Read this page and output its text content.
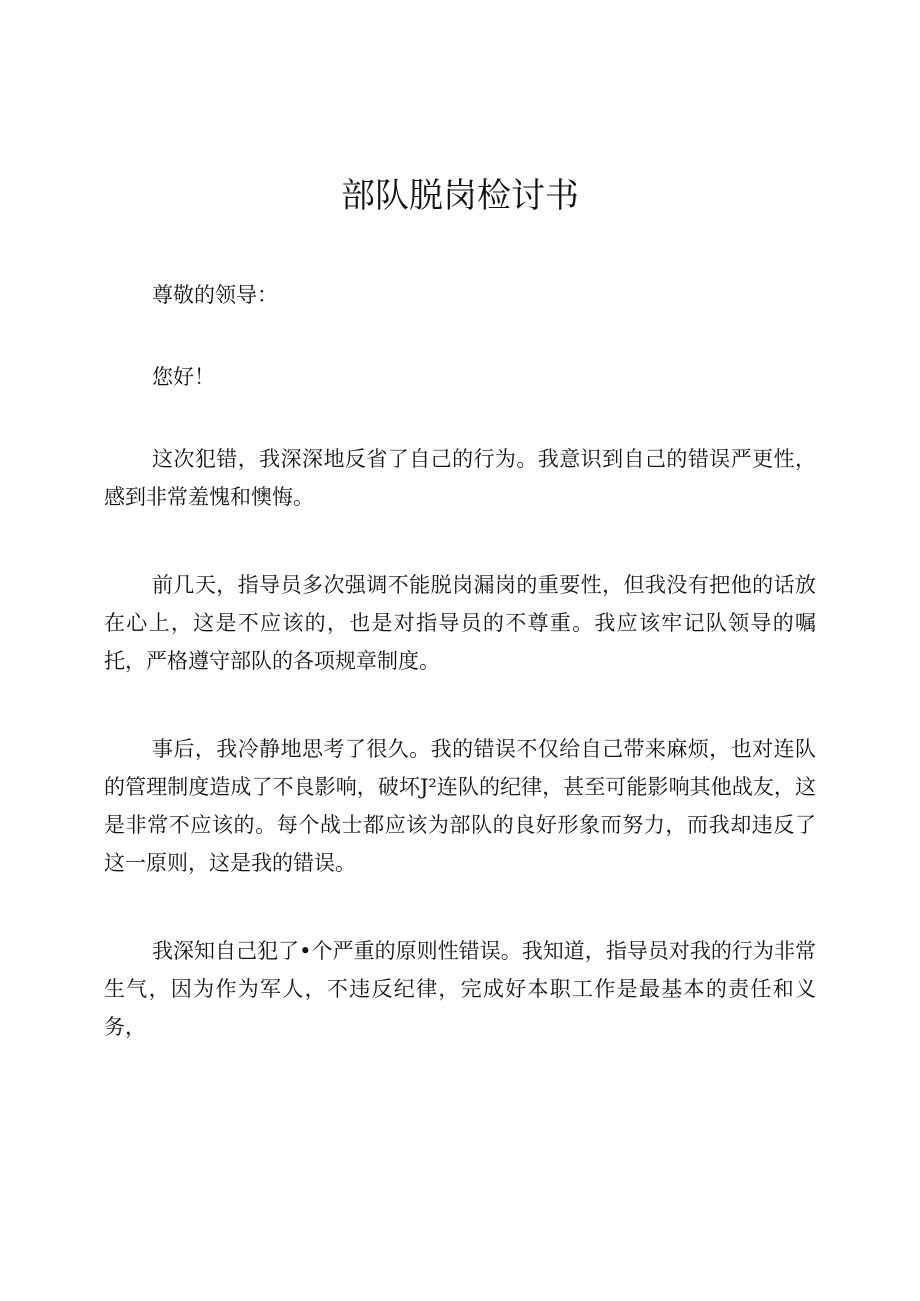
部队脱岗检讨书

尊敬的领导：

您好！

这次犯错，我深深地反省了自己的行为。我意识到自己的错误严更性，感到非常羞愧和懊悔。

前几天，指导员多次强调不能脱岗漏岗的重要性，但我没有把他的话放在心上，这是不应该的，也是对指导员的不尊重。我应该牢记队领导的嘱托，严格遵守部队的各项规章制度。

事后，我冷静地思考了很久。我的错误不仅给自己带来麻烦，也对连队的管理制度造成了不良影响，破坏J²连队的纪律，甚至可能影响其他战友，这是非常不应该的。每个战士都应该为部队的良好形象而努力，而我却违反了这一原则，这是我的错误。

我深知自己犯了•个严重的原则性错误。我知道，指导员对我的行为非常生气，因为作为军人，不违反纪律，完成好本职工作是最基本的责任和义务，
